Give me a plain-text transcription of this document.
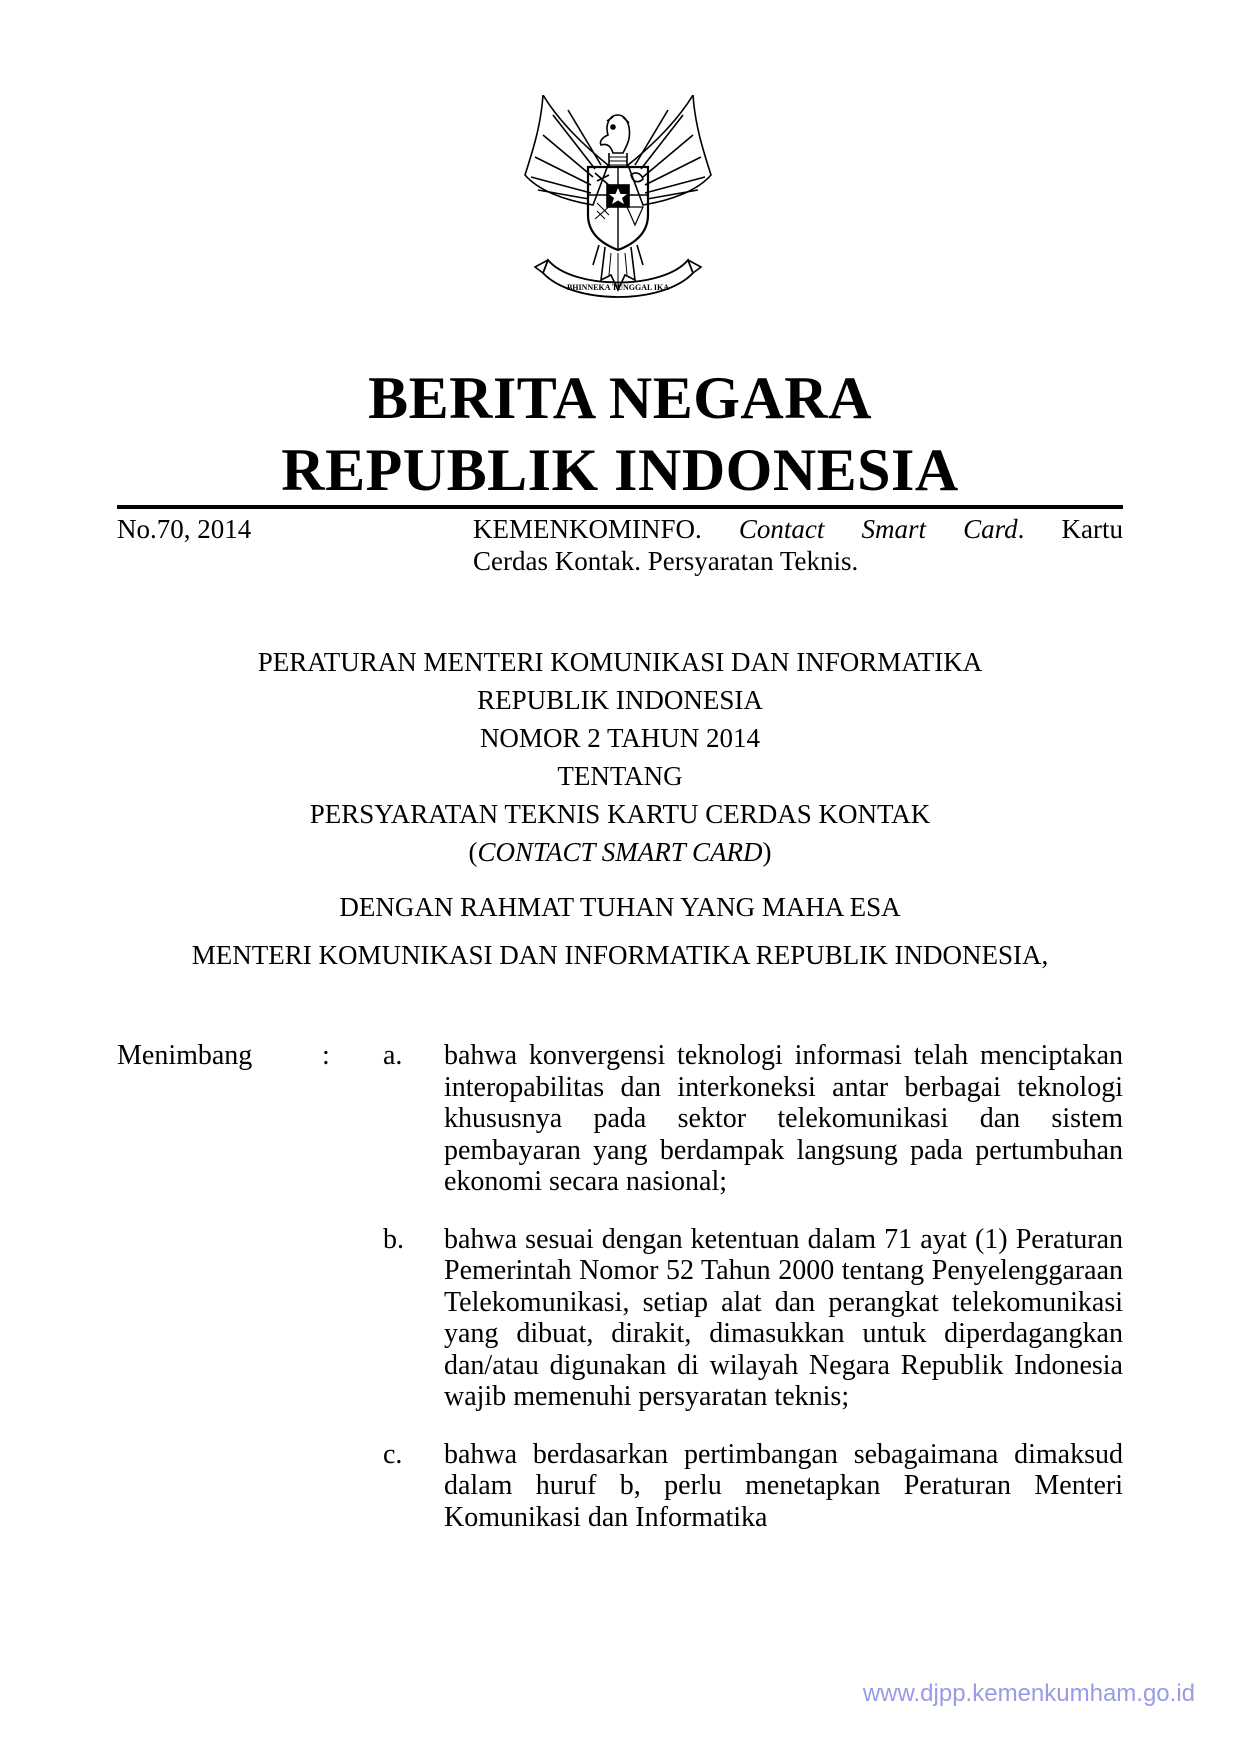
BHINNEKA TUNGGAL IKA
BERITA NEGARA
REPUBLIK INDONESIA
No.70, 2014	KEMENKOMINFO. Contact Smart Card. Kartu
Cerdas Kontak. Persyaratan Teknis.
PERATURAN MENTERI KOMUNIKASI DAN INFORMATIKA
REPUBLIK INDONESIA
NOMOR 2 TAHUN 2014
TENTANG
PERSYARATAN TEKNIS KARTU CERDAS KONTAK
(CONTACT SMART CARD)
DENGAN RAHMAT TUHAN YANG MAHA ESA
MENTERI KOMUNIKASI DAN INFORMATIKA REPUBLIK INDONESIA,
Menimbang : a. bahwa konvergensi teknologi informasi telah menciptakan interopabilitas dan interkoneksi antar berbagai teknologi khususnya pada sektor telekomunikasi dan sistem pembayaran yang berdampak langsung pada pertumbuhan ekonomi secara nasional;
b. bahwa sesuai dengan ketentuan dalam 71 ayat (1) Peraturan Pemerintah Nomor 52 Tahun 2000 tentang Penyelenggaraan Telekomunikasi, setiap alat dan perangkat telekomunikasi yang dibuat, dirakit, dimasukkan untuk diperdagangkan dan/atau digunakan di wilayah Negara Republik Indonesia wajib memenuhi persyaratan teknis;
c. bahwa berdasarkan pertimbangan sebagaimana dimaksud dalam huruf b, perlu menetapkan Peraturan Menteri Komunikasi dan Informatika
www.djpp.kemenkumham.go.id
